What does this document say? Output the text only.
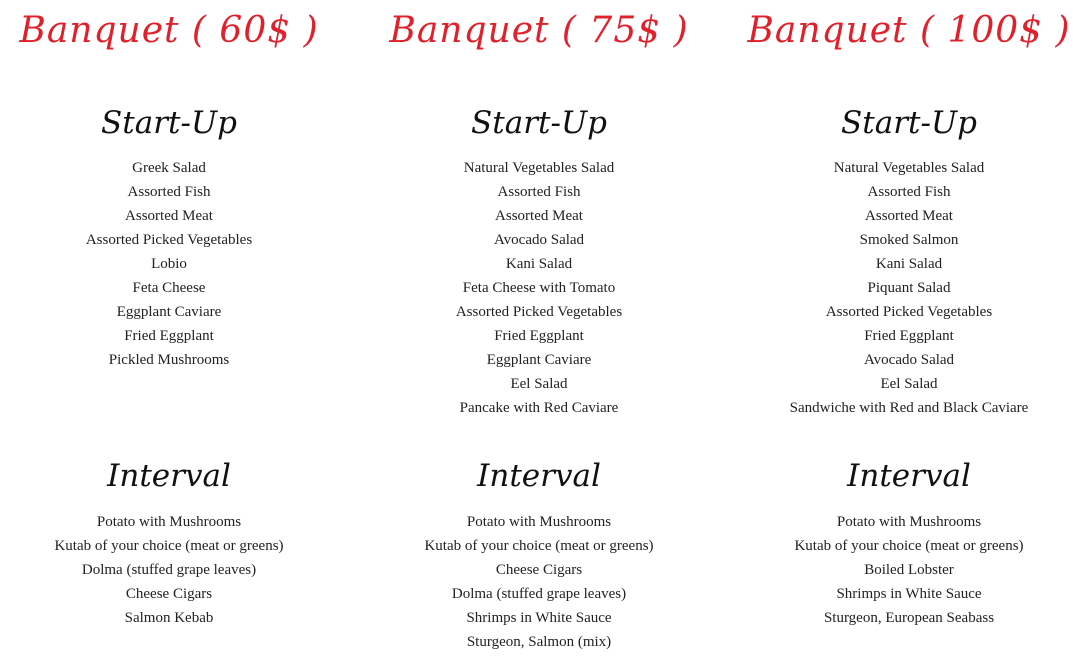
Banquet ( 60$ )
Start-Up
Greek Salad
Assorted Fish
Assorted Meat
Assorted Picked Vegetables
Lobio
Feta Cheese
Eggplant Caviare
Fried Eggplant
Pickled Mushrooms
Interval
Potato with Mushrooms
Kutab of your choice (meat or greens)
Dolma (stuffed grape leaves)
Cheese Cigars
Salmon Kebab
Banquet ( 75$ )
Start-Up
Natural Vegetables Salad
Assorted Fish
Assorted Meat
Avocado Salad
Kani Salad
Feta Cheese with Tomato
Assorted Picked Vegetables
Fried Eggplant
Eggplant Caviare
Eel Salad
Pancake with Red Caviare
Interval
Potato with Mushrooms
Kutab of your choice (meat or greens)
Cheese Cigars
Dolma (stuffed grape leaves)
Shrimps in White Sauce
Sturgeon, Salmon (mix)
Banquet ( 100$ )
Start-Up
Natural Vegetables Salad
Assorted Fish
Assorted Meat
Smoked Salmon
Kani Salad
Piquant Salad
Assorted Picked Vegetables
Fried Eggplant
Avocado Salad
Eel Salad
Sandwiche with Red and Black Caviare
Interval
Potato with Mushrooms
Kutab of your choice (meat or greens)
Boiled Lobster
Shrimps in White Sauce
Sturgeon, European Seabass
